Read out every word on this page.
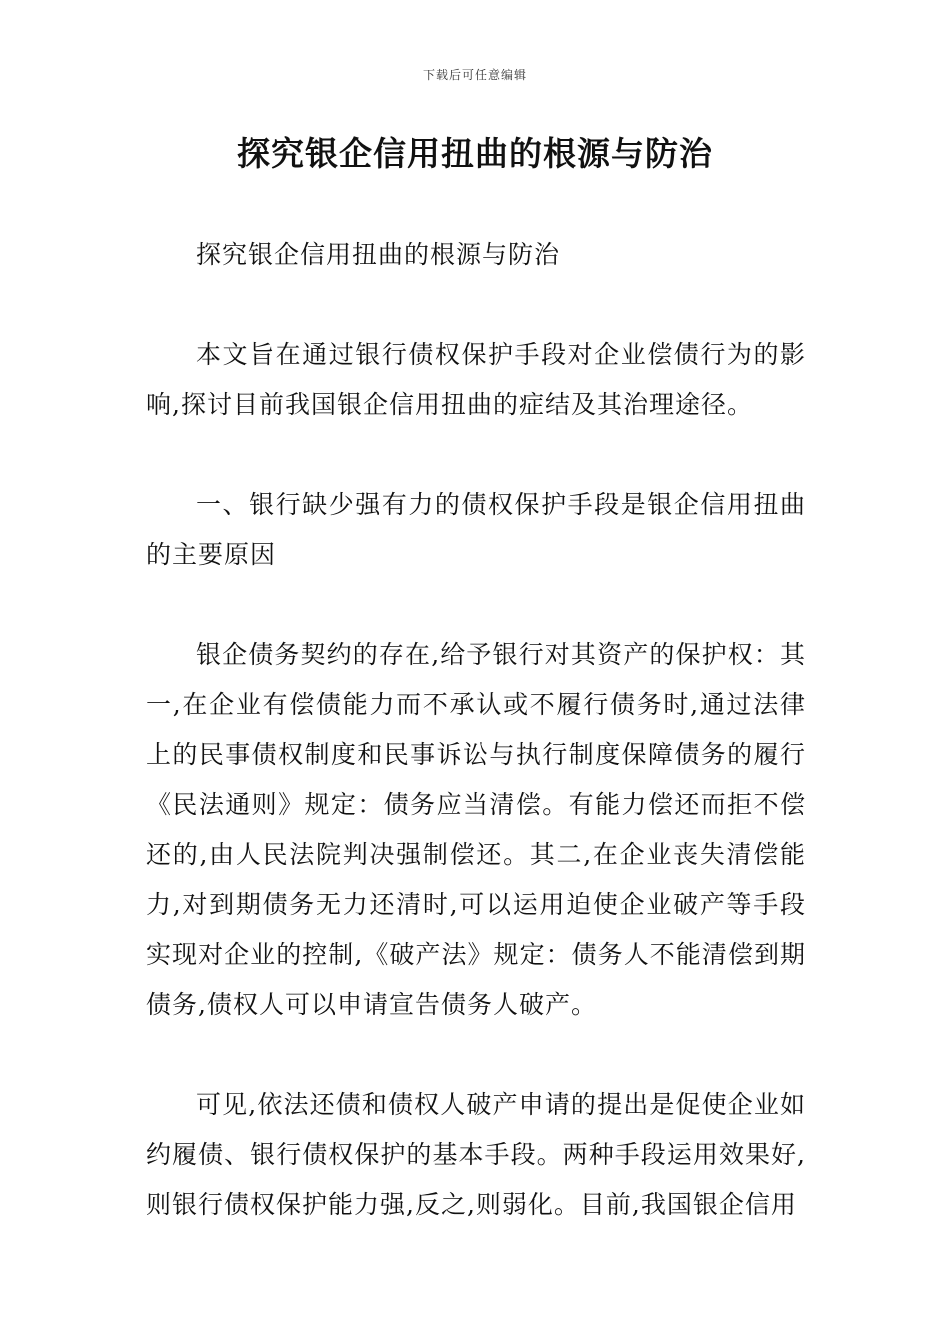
下载后可任意编辑
探究银企信用扭曲的根源与防治

探究银企信用扭曲的根源与防治

本文旨在通过银行债权保护手段对企业偿债行为的影响,探讨目前我国银企信用扭曲的症结及其治理途径。

一、银行缺少强有力的债权保护手段是银企信用扭曲的主要原因

银企债务契约的存在,给予银行对其资产的保护权：其一,在企业有偿债能力而不承认或不履行债务时,通过法律上的民事债权制度和民事诉讼与执行制度保障债务的履行《民法通则》规定：债务应当清偿。有能力偿还而拒不偿还的,由人民法院判决强制偿还。其二,在企业丧失清偿能力,对到期债务无力还清时,可以运用迫使企业破产等手段实现对企业的控制,《破产法》规定：债务人不能清偿到期债务,债权人可以申请宣告债务人破产。

可见,依法还债和债权人破产申请的提出是促使企业如约履债、银行债权保护的基本手段。两种手段运用效果好,则银行债权保护能力强,反之,则弱化。目前,我国银企信用
